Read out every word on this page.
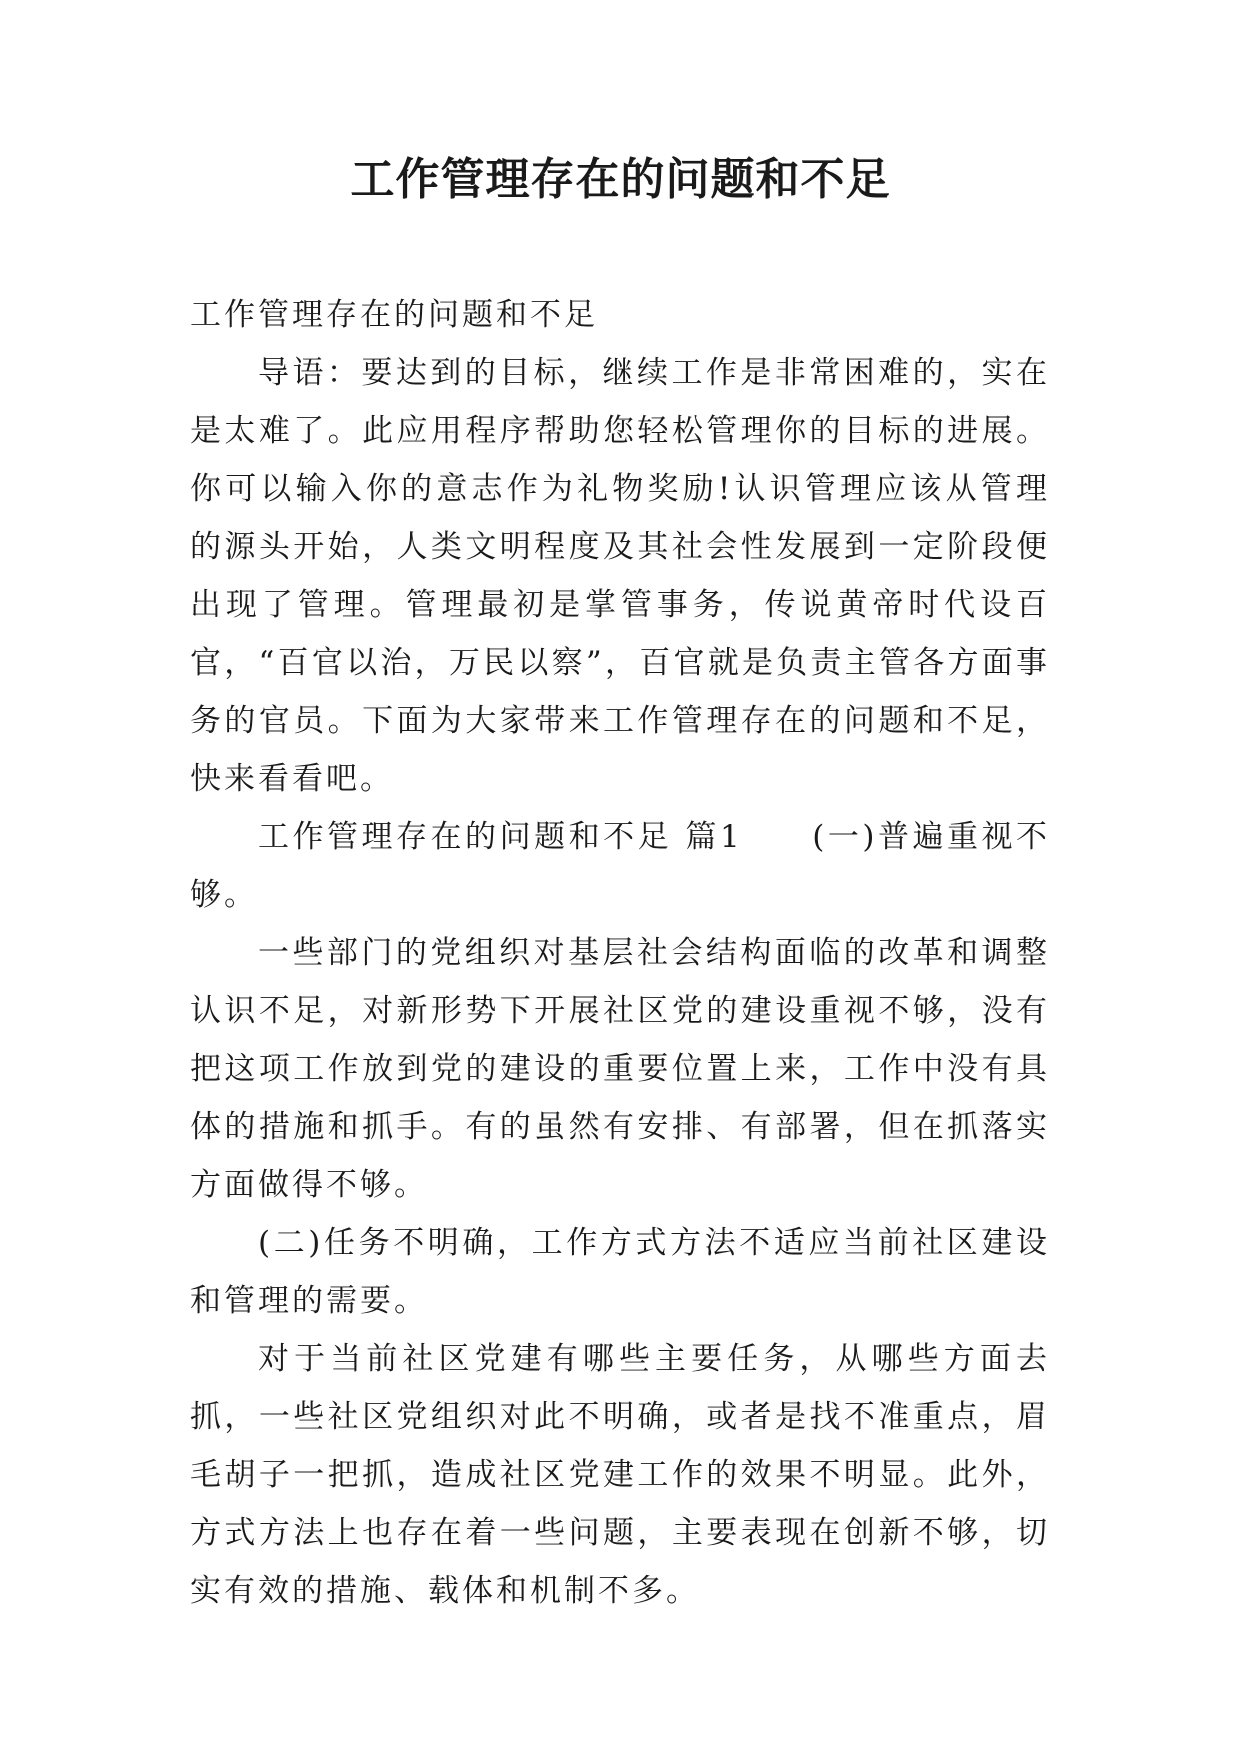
工作管理存在的问题和不足

工作管理存在的问题和不足

导语：要达到的目标，继续工作是非常困难的，实在是太难了。此应用程序帮助您轻松管理你的目标的进展。你可以输入你的意志作为礼物奖励!认识管理应该从管理的源头开始，人类文明程度及其社会性发展到一定阶段便出现了管理。管理最初是掌管事务，传说黄帝时代设百官，“百官以治，万民以察”，百官就是负责主管各方面事务的官员。下面为大家带来工作管理存在的问题和不足，快来看看吧。

工作管理存在的问题和不足 篇1　　(一)普遍重视不够。

一些部门的党组织对基层社会结构面临的改革和调整认识不足，对新形势下开展社区党的建设重视不够，没有把这项工作放到党的建设的重要位置上来，工作中没有具体的措施和抓手。有的虽然有安排、有部署，但在抓落实方面做得不够。

(二)任务不明确，工作方式方法不适应当前社区建设和管理的需要。

对于当前社区党建有哪些主要任务，从哪些方面去抓，一些社区党组织对此不明确，或者是找不准重点，眉毛胡子一把抓，造成社区党建工作的效果不明显。此外，方式方法上也存在着一些问题，主要表现在创新不够，切实有效的措施、载体和机制不多。
